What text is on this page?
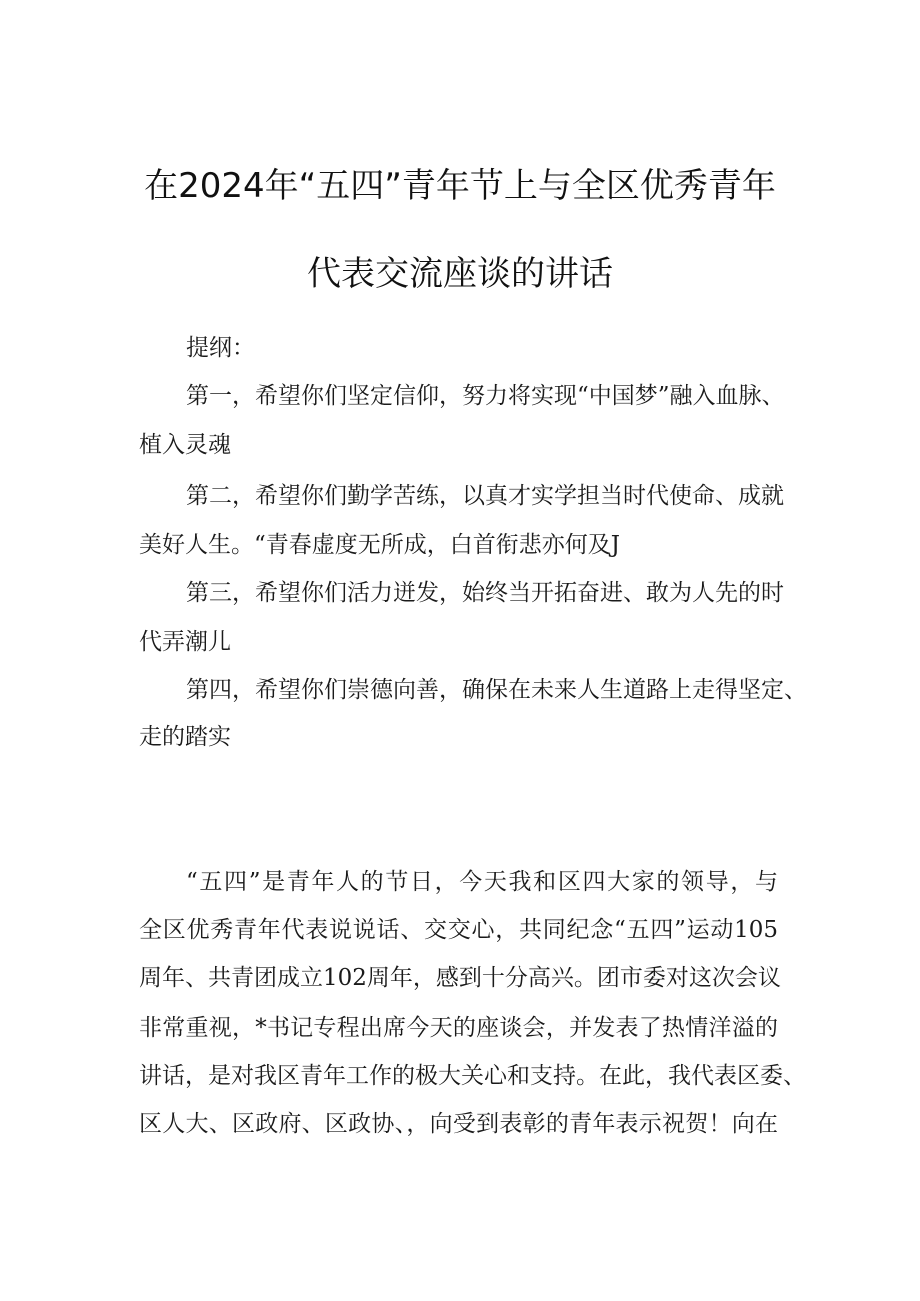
在2024年“五四”青年节上与全区优秀青年
代表交流座谈的讲话
提纲：
第一，希望你们坚定信仰，努力将实现“中国梦”融入血脉、
植入灵魂
第二，希望你们勤学苦练，以真才实学担当时代使命、成就
美好人生。“青春虚度无所成，白首衔悲亦何及J
第三，希望你们活力迸发，始终当开拓奋进、敢为人先的时
代弄潮儿
第四，希望你们崇德向善，确保在未来人生道路上走得坚定、
走的踏实
“五四”是青年人的节日，今天我和区四大家的领导，与
全区优秀青年代表说说话、交交心，共同纪念“五四”运动105
周年、共青团成立102周年，感到十分高兴。团市委对这次会议
非常重视，*书记专程出席今天的座谈会，并发表了热情洋溢的
讲话，是对我区青年工作的极大关心和支持。在此，我代表区委、
区人大、区政府、区政协、，向受到表彰的青年表示祝贺！向在
